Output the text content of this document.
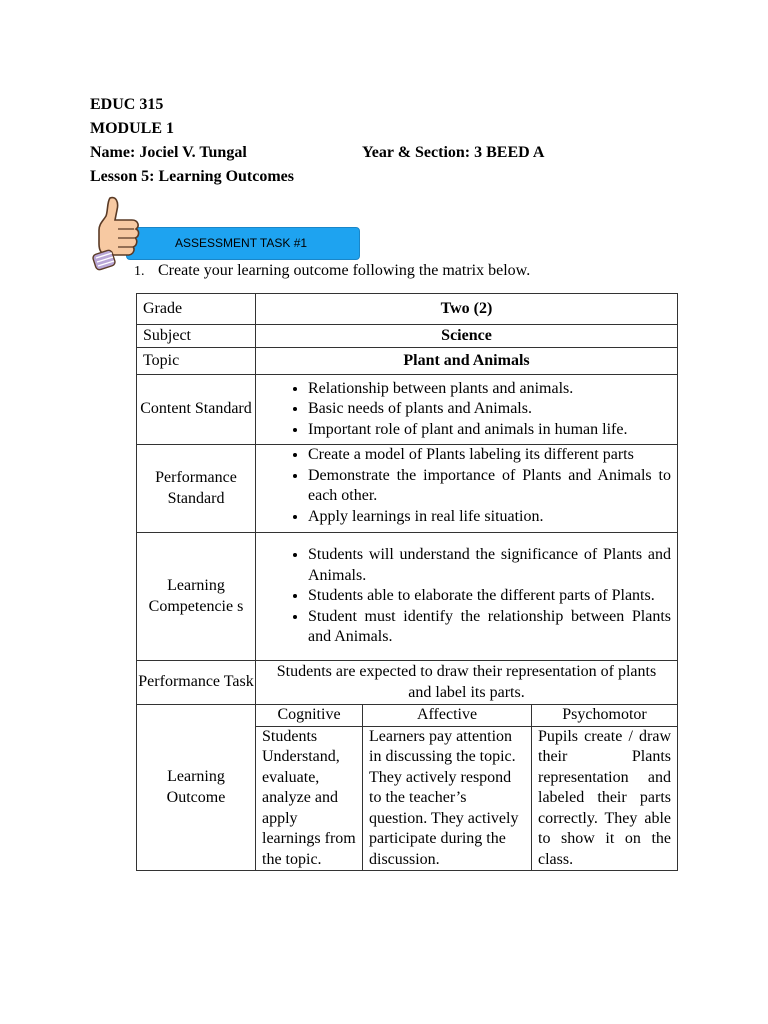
EDUC 315
MODULE 1
Name: Jociel V. Tungal	Year & Section: 3 BEED A
Lesson 5: Learning Outcomes
ASSESSMENT TASK #1
1. Create your learning outcome following the matrix below.
Grade	Two (2)
Subject	Science
Topic	Plant and Animals
Content Standard	
• Relationship between plants and animals.
• Basic needs of plants and Animals.
• Important role of plant and animals in human life.

Performance Standard	
• Create a model of Plants labeling its different parts
• Demonstrate the importance of Plants and Animals to each other.
• Apply learnings in real life situation.

Learning Competencie s	
• Students will understand the significance of Plants and Animals.
• Students able to elaborate the different parts of Plants.
• Student must identify the relationship between Plants and Animals.

Performance Task	Students are expected to draw their representation of plants and label its parts.
Learning Outcome	
Cognitive	Affective	Psychomotor
Students Understand, evaluate, analyze and apply learnings from the topic.	Learners pay attention in discussing the topic. They actively respond to the teacher’s question. They actively participate during the discussion.	Pupils create / draw their Plants representation and labeled their parts correctly. They able to show it on the class.
